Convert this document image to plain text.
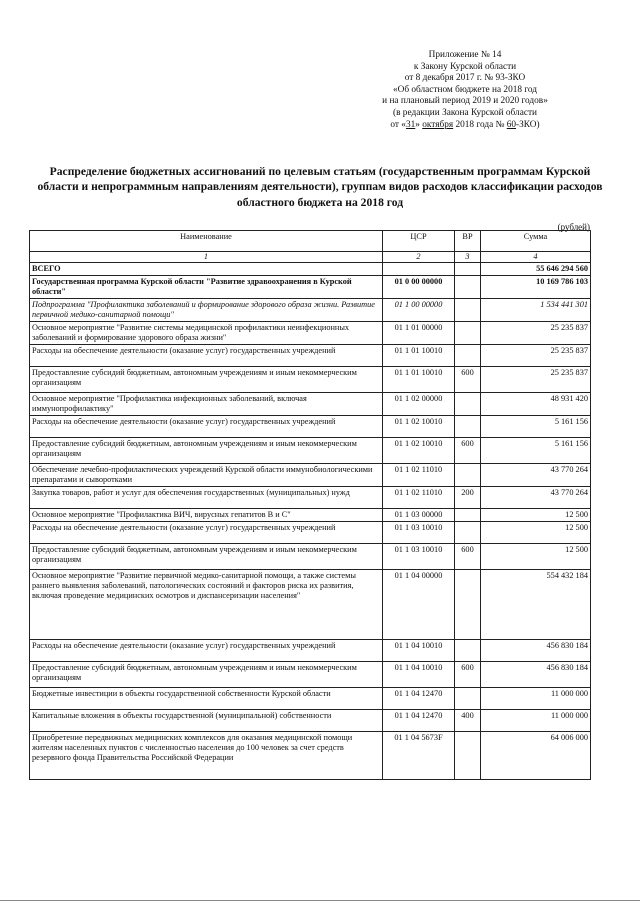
Приложение № 14
к Закону Курской области
от 8 декабря 2017 г. № 93-ЗКО
«Об областном бюджете на 2018 год
и на плановый период 2019 и 2020 годов»
(в редакции Закона Курской области
от «31» октября 2018 года № 60-ЗКО)
Распределение бюджетных ассигнований по целевым статьям (государственным программам Курской области и непрограммным направлениям деятельности), группам видов расходов классификации расходов областного бюджета на 2018 год
(рублей)
Наименование	ЦСР	ВР	Сумма
1	2	3	4
ВСЕГО			55 646 294 560
Государственная программа Курской области "Развитие здравоохранения в Курской области"	01 0 00 00000		10 169 786 103
Подпрограмма "Профилактика заболеваний и формирование здорового образа жизни. Развитие первичной медико-санитарной помощи"	01 1 00 00000		1 534 441 301
Основное мероприятие "Развитие системы медицинской профилактики неинфекционных заболеваний и формирование здорового образа жизни"	01 1 01 00000		25 235 837
Расходы на обеспечение деятельности (оказание услуг) государственных учреждений	01 1 01 10010		25 235 837
Предоставление субсидий бюджетным, автономным учреждениям и иным некоммерческим организациям	01 1 01 10010	600	25 235 837
Основное мероприятие "Профилактика инфекционных заболеваний, включая иммунопрофилактику"	01 1 02 00000		48 931 420
Расходы на обеспечение деятельности (оказание услуг) государственных учреждений	01 1 02 10010		5 161 156
Предоставление субсидий бюджетным, автономным учреждениям и иным некоммерческим организациям	01 1 02 10010	600	5 161 156
Обеспечение лечебно-профилактических учреждений Курской области иммунобиологическими препаратами и сыворотками	01 1 02 11010		43 770 264
Закупка товаров, работ и услуг для обеспечения государственных (муниципальных) нужд	01 1 02 11010	200	43 770 264
Основное мероприятие "Профилактика ВИЧ, вирусных гепатитов В и С"	01 1 03 00000		12 500
Расходы на обеспечение деятельности (оказание услуг) государственных учреждений	01 1 03 10010		12 500
Предоставление субсидий бюджетным, автономным учреждениям и иным некоммерческим организациям	01 1 03 10010	600	12 500
Основное мероприятие "Развитие первичной медико-санитарной помощи, а также системы раннего выявления заболеваний, патологических состояний и факторов риска их развития, включая проведение медицинских осмотров и диспансеризации населения"	01 1 04 00000		554 432 184
Расходы на обеспечение деятельности (оказание услуг) государственных учреждений	01 1 04 10010		456 830 184
Предоставление субсидий бюджетным, автономным учреждениям и иным некоммерческим организациям	01 1 04 10010	600	456 830 184
Бюджетные инвестиции в объекты государственной собственности Курской области	01 1 04 12470		11 000 000
Капитальные вложения в объекты государственной (муниципальной) собственности	01 1 04 12470	400	11 000 000
Приобретение передвижных медицинских комплексов для оказания медицинской помощи жителям населенных пунктов с численностью населения до 100 человек за счет средств резервного фонда Правительства Российской Федерации	01 1 04 5673F		64 006 000
